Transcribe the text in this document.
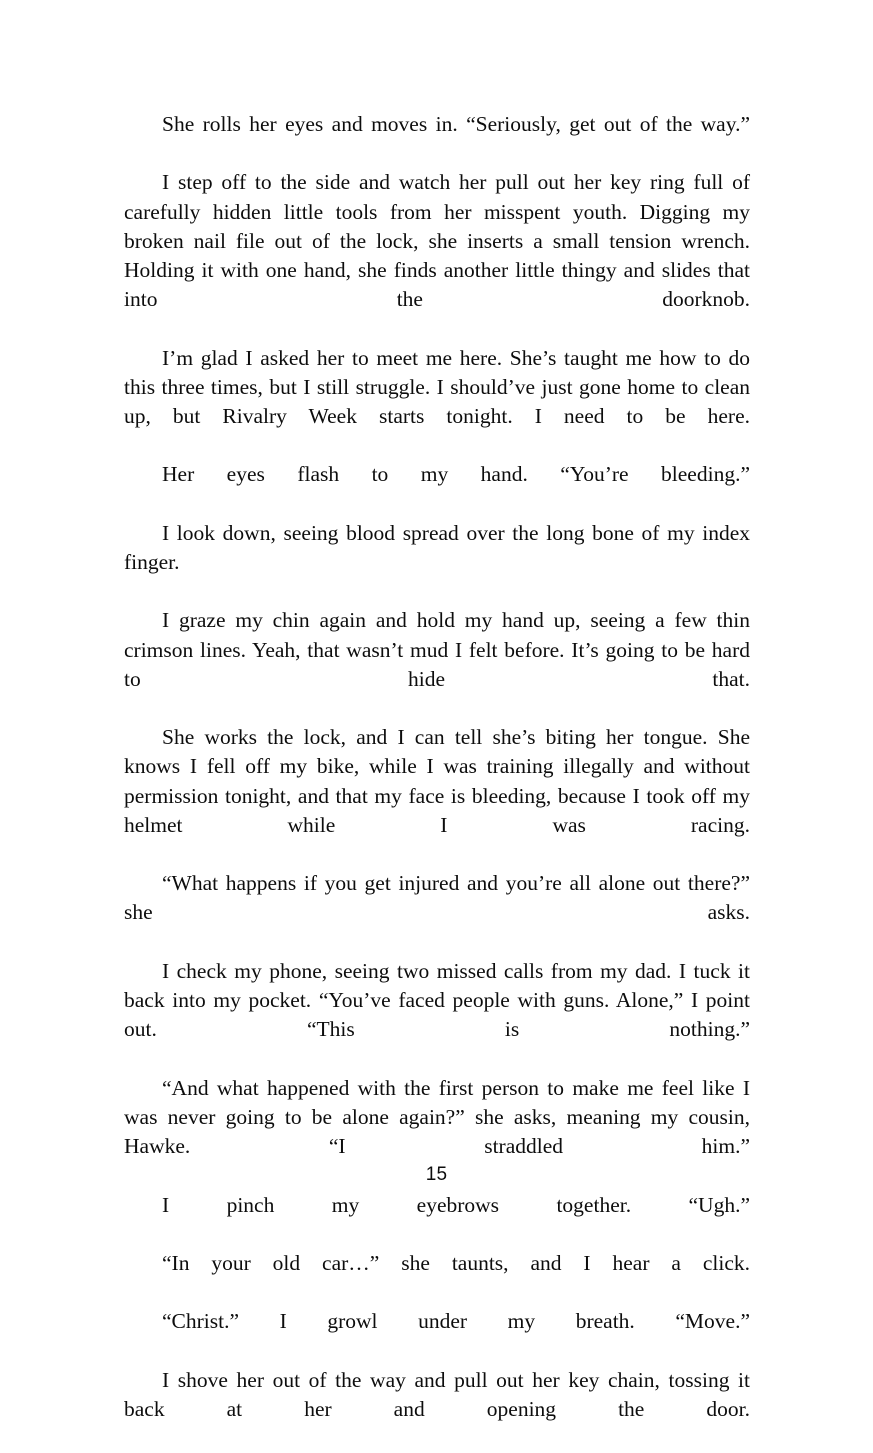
She rolls her eyes and moves in. “Seriously, get out of the way.”

I step off to the side and watch her pull out her key ring full of carefully hidden little tools from her misspent youth. Digging my broken nail file out of the lock, she inserts a small tension wrench. Holding it with one hand, she finds another little thingy and slides that into the doorknob.

I’m glad I asked her to meet me here. She’s taught me how to do this three times, but I still struggle. I should’ve just gone home to clean up, but Rivalry Week starts tonight. I need to be here.

Her eyes flash to my hand. “You’re bleeding.”

I look down, seeing blood spread over the long bone of my index finger.

I graze my chin again and hold my hand up, seeing a few thin crimson lines. Yeah, that wasn’t mud I felt before. It’s going to be hard to hide that.

She works the lock, and I can tell she’s biting her tongue. She knows I fell off my bike, while I was training illegally and without permission tonight, and that my face is bleeding, because I took off my helmet while I was racing.

“What happens if you get injured and you’re all alone out there?” she asks.

I check my phone, seeing two missed calls from my dad. I tuck it back into my pocket. “You’ve faced people with guns. Alone,” I point out. “This is nothing.”

“And what happened with the first person to make me feel like I was never going to be alone again?” she asks, meaning my cousin, Hawke. “I straddled him.”

I pinch my eyebrows together. “Ugh.”

“In your old car…” she taunts, and I hear a click.

“Christ.” I growl under my breath. “Move.”

I shove her out of the way and pull out her key chain, tossing it back at her and opening the door.

15
